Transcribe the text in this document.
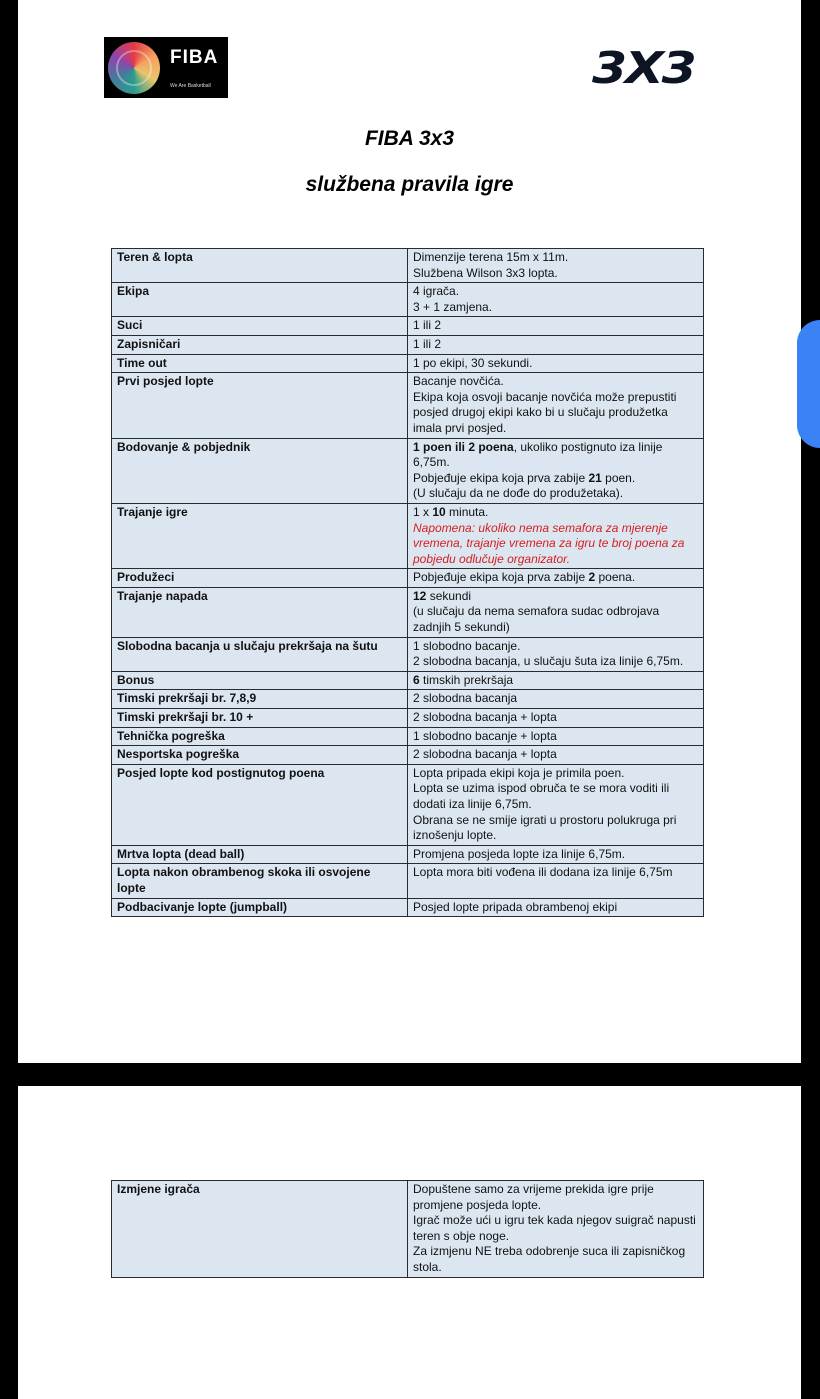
FIBA
We Are Basketball	3X3
FIBA 3x3
službena pravila igre
Teren & lopta	Dimenzije terena 15m x 11m.
Službena Wilson 3x3 lopta.

Ekipa	4 igrača.
3 + 1 zamjena.

Suci	1 ili 2

Zapisničari	1 ili 2

Time out	1 po ekipi, 30 sekundi.

Prvi posjed lopte	Bacanje novčića.
Ekipa koja osvoji bacanje novčića može prepustiti posjed drugoj ekipi kako bi u slučaju produžetka imala prvi posjed.

Bodovanje & pobjednik	1 poen ili 2 poena, ukoliko postignuto iza linije 6,75m.
Pobjeđuje ekipa koja prva zabije 21 poen.
(U slučaju da ne dođe do produžetaka).

Trajanje igre	1 x 10 minuta.
Napomena: ukoliko nema semafora za mjerenje vremena, trajanje vremena za igru te broj poena za pobjedu odlučuje organizator.

Produžeci	Pobjeđuje ekipa koja prva zabije 2 poena.

Trajanje napada	12 sekundi
(u slučaju da nema semafora sudac odbrojava zadnjih 5 sekundi)

Slobodna bacanja u slučaju prekršaja na šutu	1 slobodno bacanje.
2 slobodna bacanja, u slučaju šuta iza linije 6,75m.

Bonus	6 timskih prekršaja

Timski prekršaji br. 7,8,9	2 slobodna bacanja

Timski prekršaji br. 10 +	2 slobodna bacanja + lopta

Tehnička pogreška	1 slobodno bacanje + lopta

Nesportska pogreška	2 slobodna bacanja + lopta

Posjed lopte kod postignutog poena	Lopta pripada ekipi koja je primila poen.
Lopta se uzima ispod obruča te se mora voditi ili dodati iza linije 6,75m.
Obrana se ne smije igrati u prostoru polukruga pri iznošenju lopte.

Mrtva lopta (dead ball)	Promjena posjeda lopte iza linije 6,75m.

Lopta nakon obrambenog skoka ili osvojene lopte	Lopta mora biti vođena ili dodana iza linije 6,75m

Podbacivanje lopte (jumpball)	Posjed lopte pripada obrambenoj ekipi
Izmjene igrača	Dopuštene samo za vrijeme prekida igre prije promjene posjeda lopte.
Igrač može ući u igru tek kada njegov suigrač napusti teren s obje noge.
Za izmjenu NE treba odobrenje suca ili zapisničkog stola.
